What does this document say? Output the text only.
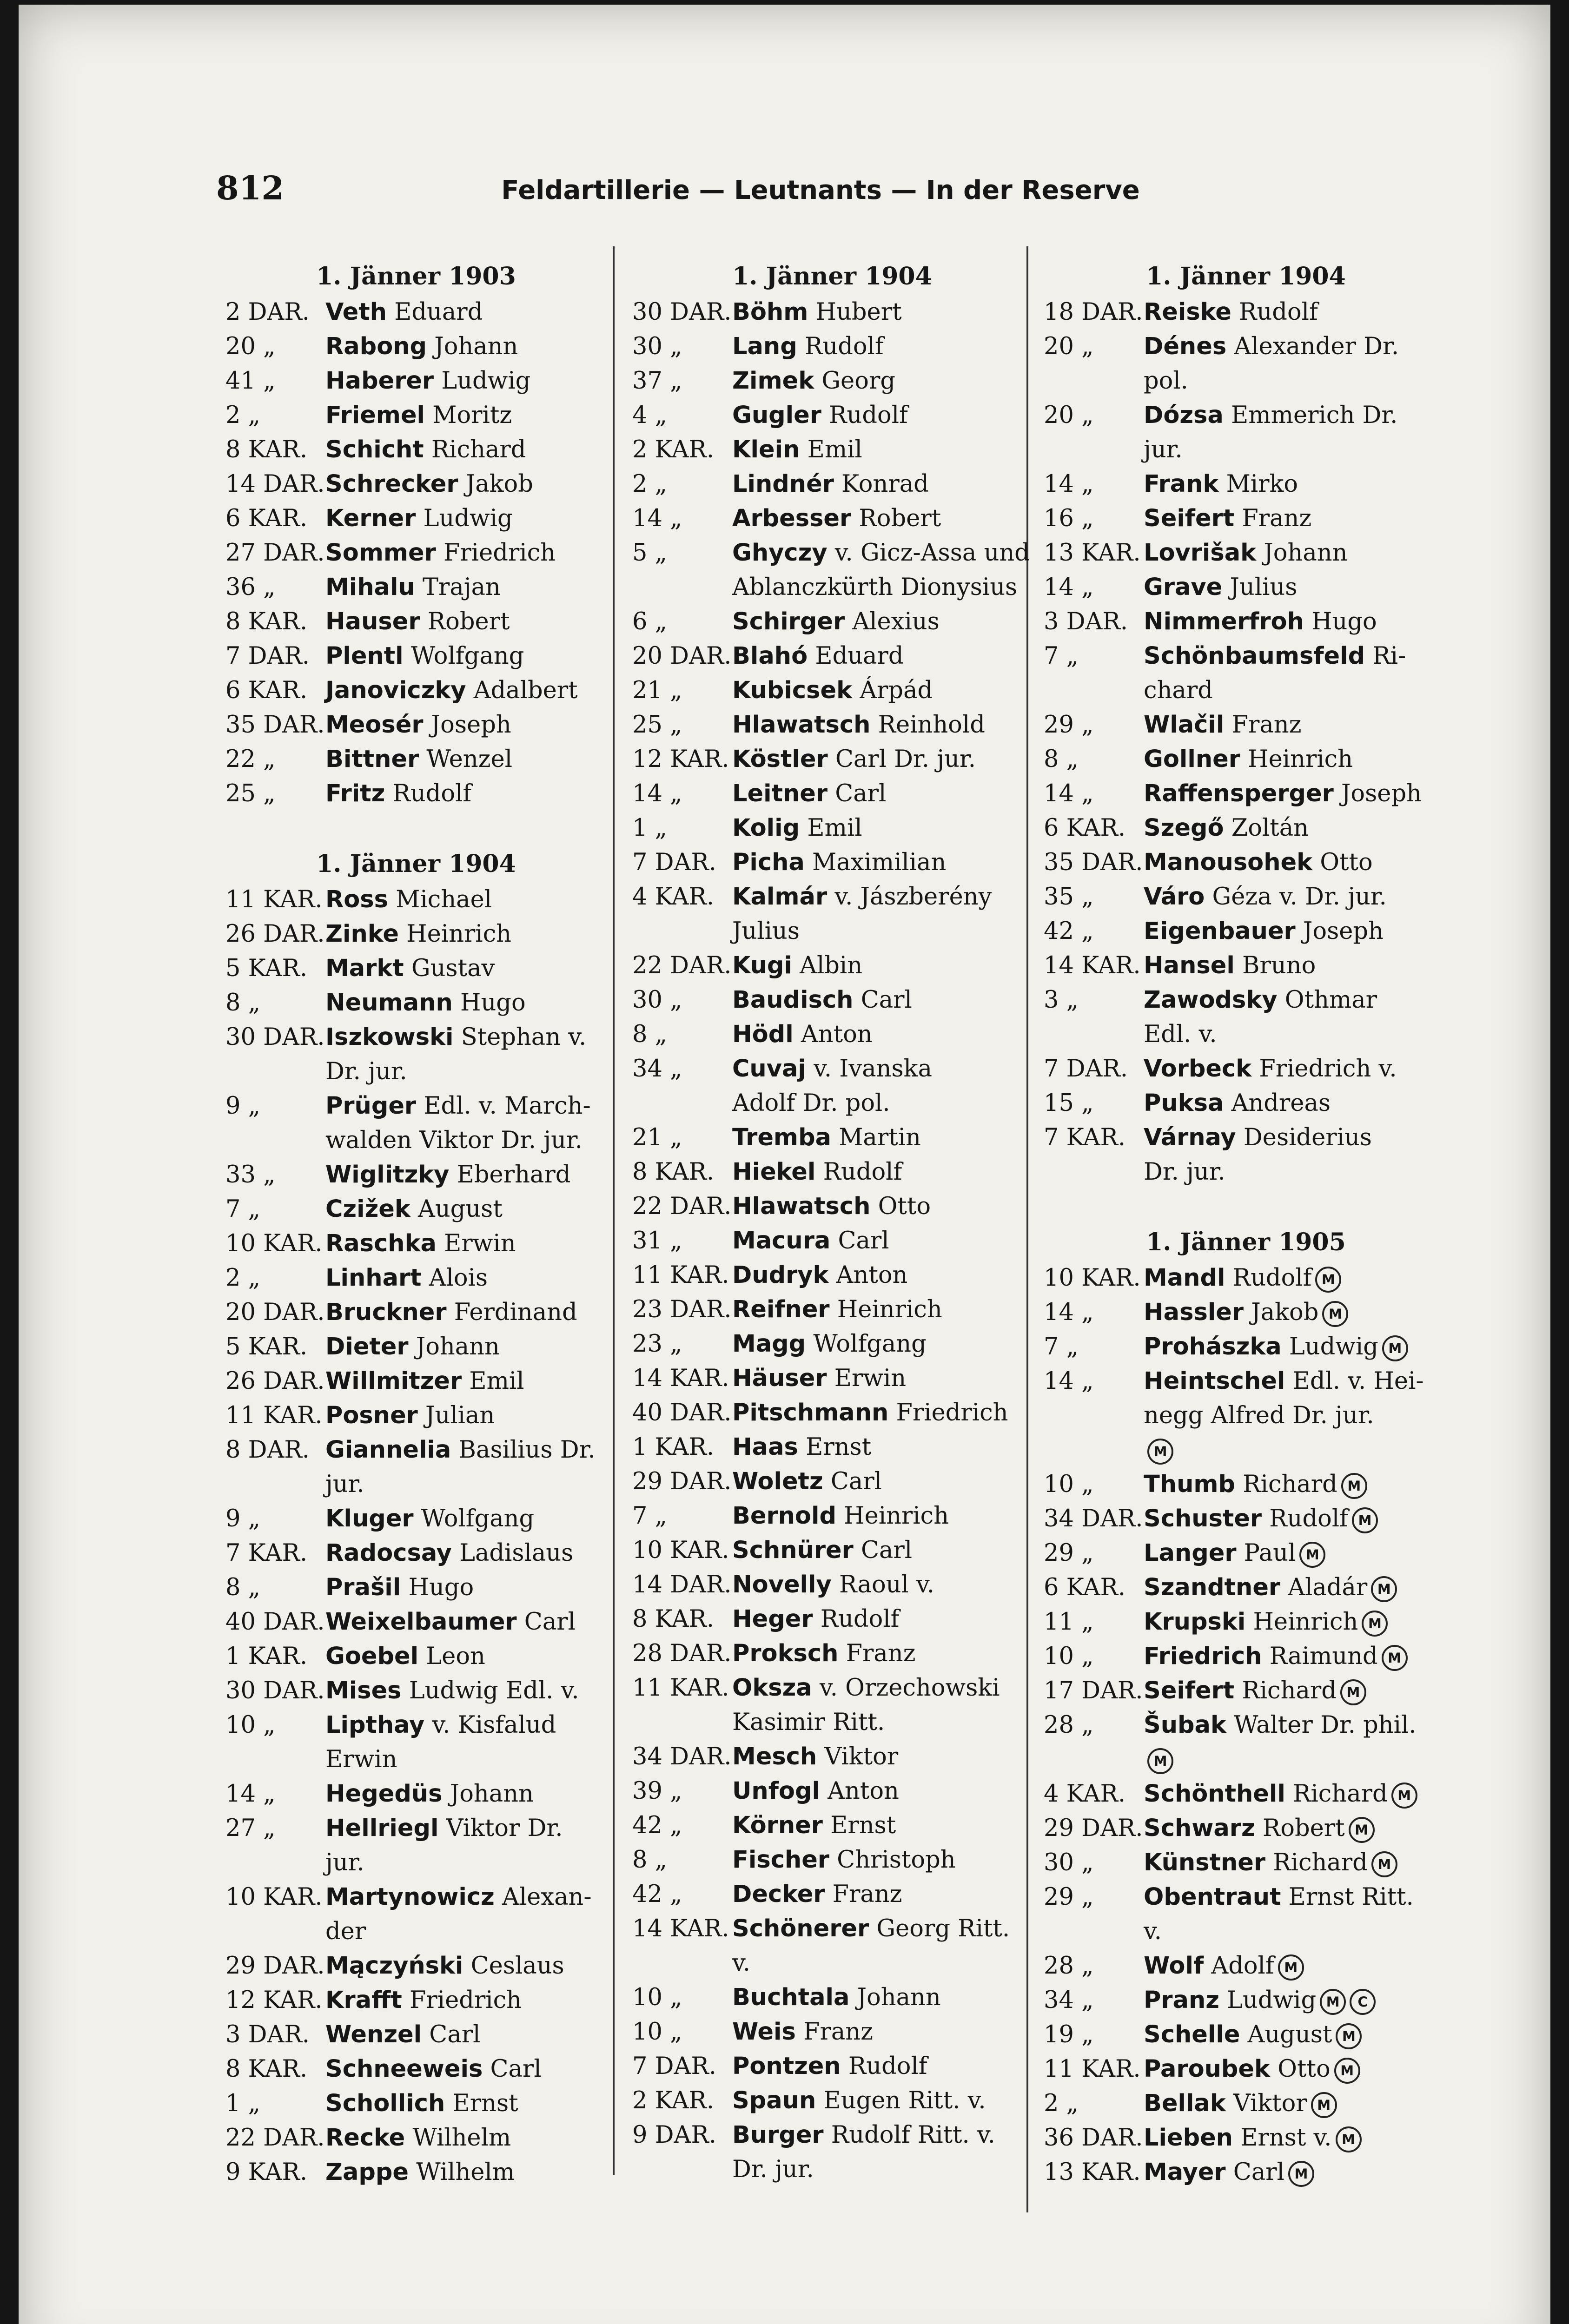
812	Feldartillerie — Leutnants — In der Reserve
1. Jänner 1903
2 DAR. Veth Eduard
20 „	Rabong Johann
41 „	Haberer Ludwig
2 „	Friemel Moritz
8 KAR. Schicht Richard
14 DAR. Schrecker Jakob
6 KAR. Kerner Ludwig
27 DAR. Sommer Friedrich
36 „	Mihalu Trajan
8 KAR. Hauser Robert
7 DAR. Plentl Wolfgang
6 KAR. Janoviczky Adalbert
35 DAR. Meosér Joseph
22 „	Bittner Wenzel
25 „	Fritz Rudolf
1. Jänner 1904
11 KAR. Ross Michael
26 DAR. Zinke Heinrich
5 KAR. Markt Gustav
8 „	Neumann Hugo
30 DAR. Iszkowski Stephan v.
Dr. jur.
9 „	Prüger Edl. v. March-
walden Viktor Dr. jur.
33 „	Wiglitzky Eberhard
7 „	Czižek August
10 KAR. Raschka Erwin
2 „	Linhart Alois
20 DAR. Bruckner Ferdinand
5 KAR. Dieter Johann
26 DAR. Willmitzer Emil
11 KAR. Posner Julian
8 DAR. Giannelia Basilius Dr.
jur.
9 „	Kluger Wolfgang
7 KAR. Radocsay Ladislaus
8 „	Prašil Hugo
40 DAR. Weixelbaumer Carl
1 KAR. Goebel Leon
30 DAR. Mises Ludwig Edl. v.
10 „	Lipthay v. Kisfalud
Erwin
14 „	Hegedüs Johann
27 „	Hellriegl Viktor Dr.
jur.
10 KAR. Martynowicz Alexan-
der
29 DAR. Mączyński Ceslaus
12 KAR. Krafft Friedrich
3 DAR. Wenzel Carl
8 KAR. Schneeweis Carl
1 „	Schollich Ernst
22 DAR. Recke Wilhelm
9 KAR. Zappe Wilhelm
1. Jänner 1904
30 DAR. Böhm Hubert
30 „	Lang Rudolf
37 „	Zimek Georg
4 „	Gugler Rudolf
2 KAR. Klein Emil
2 „	Lindnér Konrad
14 „	Arbesser Robert
5 „	Ghyczy v. Gicz-Assa und
Ablanczkürth Dionysius
6 „	Schirger Alexius
20 DAR. Blahó Eduard
21 „	Kubicsek Árpád
25 „	Hlawatsch Reinhold
12 KAR. Köstler Carl Dr. jur.
14 „	Leitner Carl
1 „	Kolig Emil
7 DAR. Picha Maximilian
4 KAR. Kalmár v. Jászberény
Julius
22 DAR. Kugi Albin
30 „	Baudisch Carl
8 „	Hödl Anton
34 „	Cuvaj v. Ivanska
Adolf Dr. pol.
21 „	Tremba Martin
8 KAR. Hiekel Rudolf
22 DAR. Hlawatsch Otto
31 „	Macura Carl
11 KAR. Dudryk Anton
23 DAR. Reifner Heinrich
23 „	Magg Wolfgang
14 KAR. Häuser Erwin
40 DAR. Pitschmann Friedrich
1 KAR. Haas Ernst
29 DAR. Woletz Carl
7 „	Bernold Heinrich
10 KAR. Schnürer Carl
14 DAR. Novelly Raoul v.
8 KAR. Heger Rudolf
28 DAR. Proksch Franz
11 KAR. Oksza v. Orzechowski
Kasimir Ritt.
34 DAR. Mesch Viktor
39 „	Unfogl Anton
42 „	Körner Ernst
8 „	Fischer Christoph
42 „	Decker Franz
14 KAR. Schönerer Georg Ritt.
v.
10 „	Buchtala Johann
10 „	Weis Franz
7 DAR. Pontzen Rudolf
2 KAR. Spaun Eugen Ritt. v.
9 DAR. Burger Rudolf Ritt. v.
Dr. jur.
1. Jänner 1904
18 DAR. Reiske Rudolf
20 „	Dénes Alexander Dr.
pol.
20 „	Dózsa Emmerich Dr.
jur.
14 „	Frank Mirko
16 „	Seifert Franz
13 KAR. Lovrišak Johann
14 „	Grave Julius
3 DAR. Nimmerfroh Hugo
7 „	Schönbaumsfeld Ri-
chard
29 „	Wlačil Franz
8 „	Gollner Heinrich
14 „	Raffensperger Joseph
6 KAR. Szegő Zoltán
35 DAR. Manousohek Otto
35 „	Váro Géza v. Dr. jur.
42 „	Eigenbauer Joseph
14 KAR. Hansel Bruno
3 „	Zawodsky Othmar
Edl. v.
7 DAR. Vorbeck Friedrich v.
15 „	Puksa Andreas
7 KAR. Várnay Desiderius
Dr. jur.
1. Jänner 1905
10 KAR. Mandl Rudolf M
14 „	Hassler Jakob M
7 „	Prohászka Ludwig M
14 „	Heintschel Edl. v. Hei-
negg Alfred Dr. jur.
M
10 „	Thumb Richard M
34 DAR. Schuster Rudolf M
29 „	Langer Paul M
6 KAR. Szandtner Aladár M
11 „	Krupski Heinrich M
10 „	Friedrich Raimund M
17 DAR. Seifert Richard M
28 „	Šubak Walter Dr. phil.
M
4 KAR. Schönthell Richard M
29 DAR. Schwarz Robert M
30 „	Künstner Richard M
29 „	Obentraut Ernst Ritt.
v.
28 „	Wolf Adolf M
34 „	Pranz Ludwig M C
19 „	Schelle August M
11 KAR. Paroubek Otto M
2 „	Bellak Viktor M
36 DAR. Lieben Ernst v. M
13 KAR. Mayer Carl M
